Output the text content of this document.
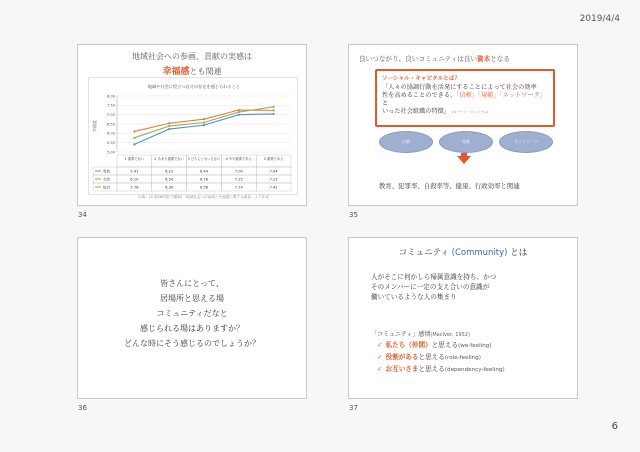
2019/4/4
地域社会への参画、貢献の実感は
幸福感とも関連
地域や社会に役立つ自分の存在を感じられること
幸福度
8.00
7.50
7.00
6.50
6.00
5.50
5.00
1 重要でない	2 あまり重要でない 3 どちらともいえない 4 やや重要である	5 重要である
男性	5.41	6.23	6.44	7.00	7.04
女性	6.10	6.54	6.76	7.25	7.23
総計	5.76	6.39	6.58	7.14	7.42
出典：(平成28年版 内閣府)「地域社会への参画と幸福感に関する調査」より作成
34
良いつながり、良いコミュニティは良い資本となる
ソーシャル・キャピタルとは？
「人々の協調行動を活発にすることによって社会の効率
性を高めることのできる、「信頼」「規範」「ネットワーク」と
いった社会組織の特徴」 (ロバート・パットナム)
信頼	規範	ネットワーク
教育、犯罪率、自殺率等、健康、行政効率と関連
35
皆さんにとって、
居場所と思える場
コミュニティだなと
感じられる場はありますか？
どんな時にそう感じるのでしょうか？
36
コミュニティ (Community) とは
人がそこに何かしら帰属意識を持ち、かつ
そのメンバーに一定の支え合いの意識が
働いているような人の集まり
「コミュニティ」感情(MacIver, 1952)
✓ 私たち（仲間）と思える(we-feeling)
✓ 役割があると思える(role-feeling)
✓ お互いさまと思える(dependency-feeling)
37
6
